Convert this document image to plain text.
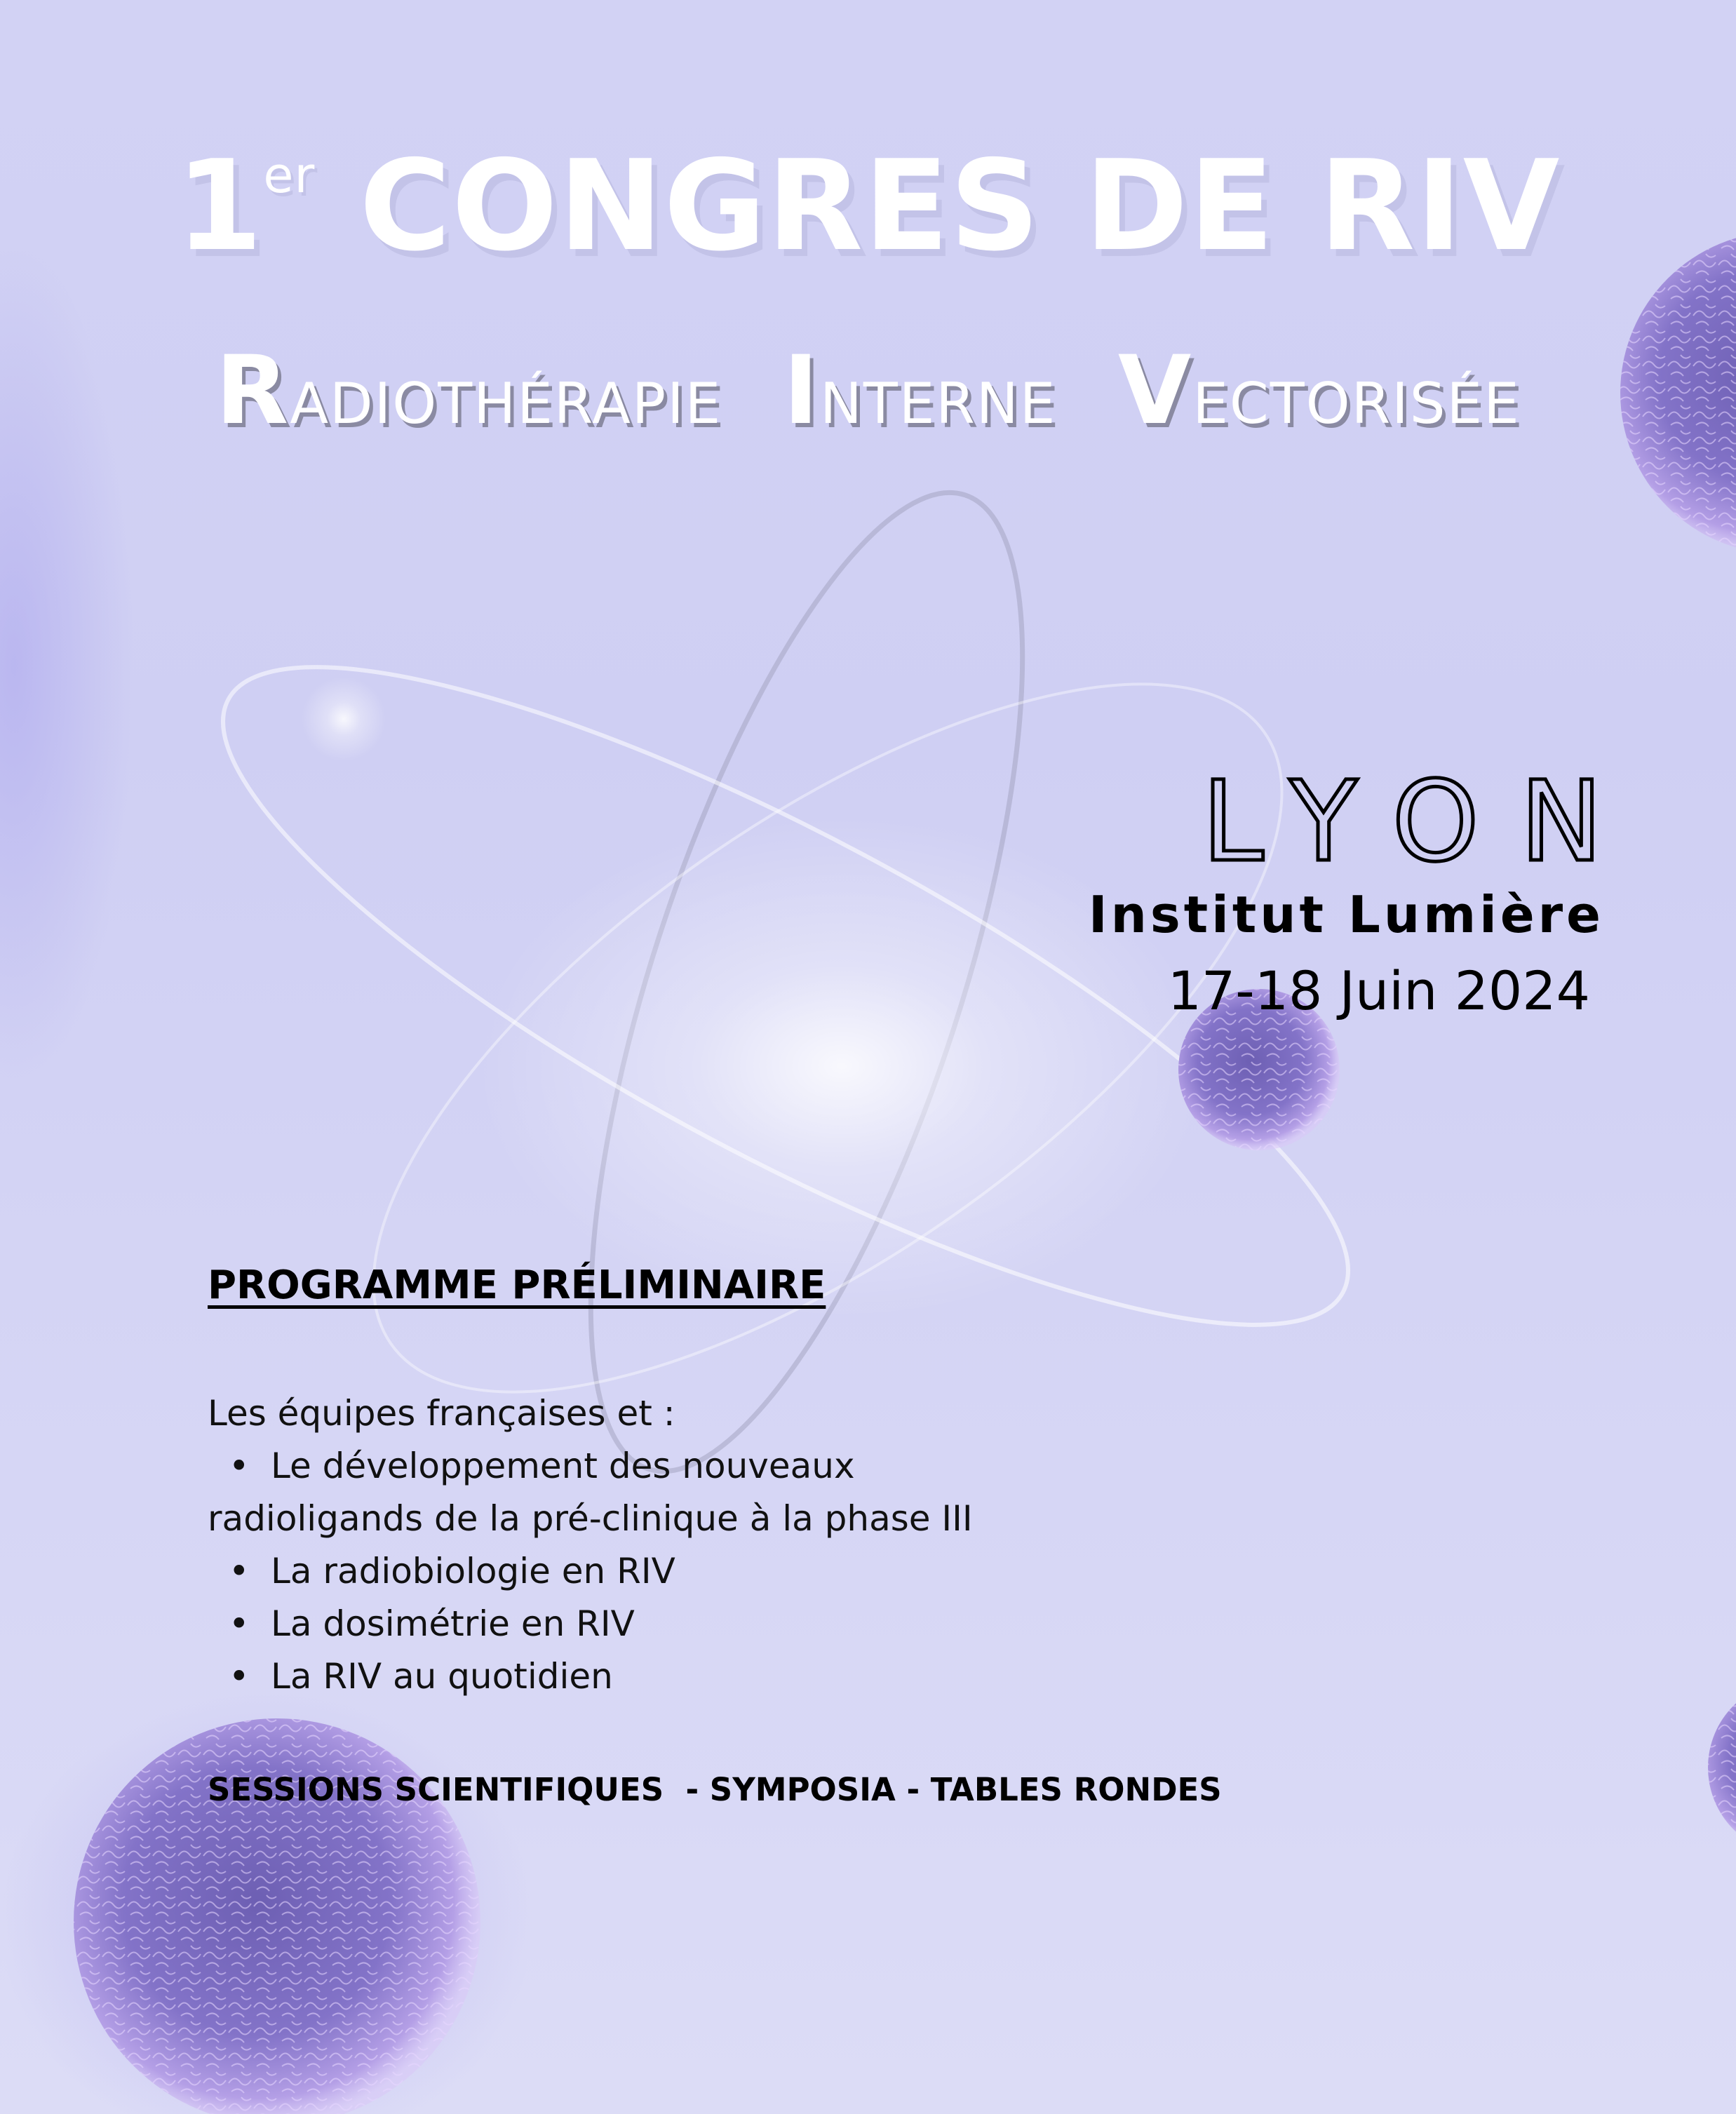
1er CONGRES DE RIV
RADIOTHÉRAPIE INTERNE VECTORISÉE
LYON
Institut Lumière
17-18 Juin 2024
PROGRAMME PRÉLIMINAIRE
Les équipes françaises et :
• Le développement des nouveaux
radioligands de la pré-clinique à la phase III
• La radiobiologie en RIV
• La dosimétrie en RIV
• La RIV au quotidien
SESSIONS SCIENTIFIQUES  - SYMPOSIA - TABLES RONDES
